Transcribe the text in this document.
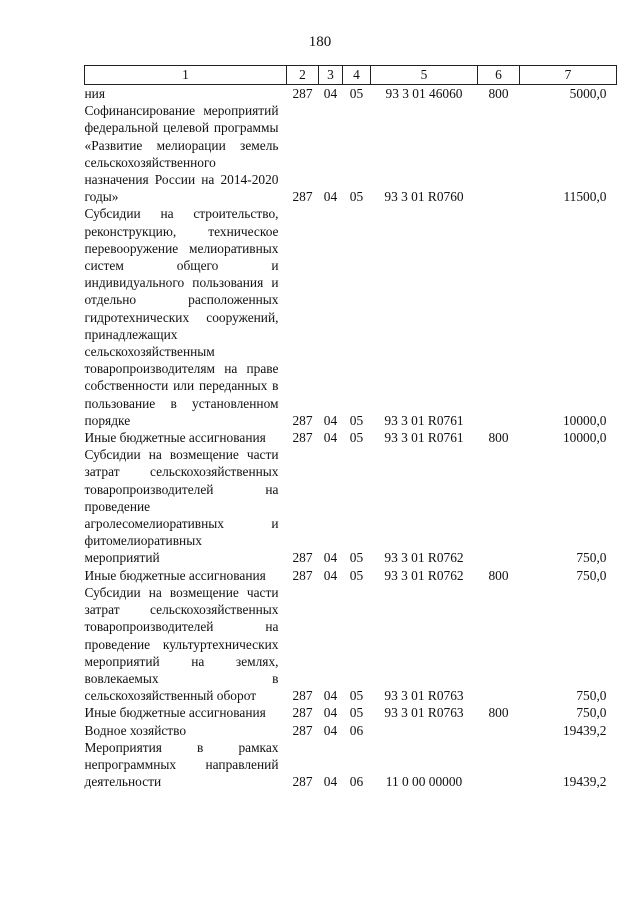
180
1	2	3	4	5	6	7
ния	287	04	05	93 3 01 46060	800	5000,0
Софинансирование мероприятий федеральной целевой программы «Развитие мелиорации земель сельскохозяйственного назначения России на 2014-2020 годы»	287	04	05	93 3 01 R0760		11500,0
Субсидии на строительство, реконструкцию, техническое перевооружение мелиоративных систем общего и индивидуального пользования и отдельно расположенных гидротехнических сооружений, принадлежащих сельскохозяйственным товаропроизводителям на праве собственности или переданных в пользование в установленном порядке	287	04	05	93 3 01 R0761		10000,0
Иные бюджетные ассигнования	287	04	05	93 3 01 R0761	800	10000,0
Субсидии на возмещение части затрат сельскохозяйственных товаропроизводителей на проведение агролесомелиоративных и фитомелиоративных мероприятий	287	04	05	93 3 01 R0762		750,0
Иные бюджетные ассигнования	287	04	05	93 3 01 R0762	800	750,0
Субсидии на возмещение части затрат сельскохозяйственных товаропроизводителей на проведение культуртехнических мероприятий на землях, вовлекаемых в сельскохозяйственный оборот	287	04	05	93 3 01 R0763		750,0
Иные бюджетные ассигнования	287	04	05	93 3 01 R0763	800	750,0
Водное хозяйство	287	04	06			19439,2
Мероприятия в рамках непрограммных направлений деятельности	287	04	06	11 0 00 00000		19439,2
